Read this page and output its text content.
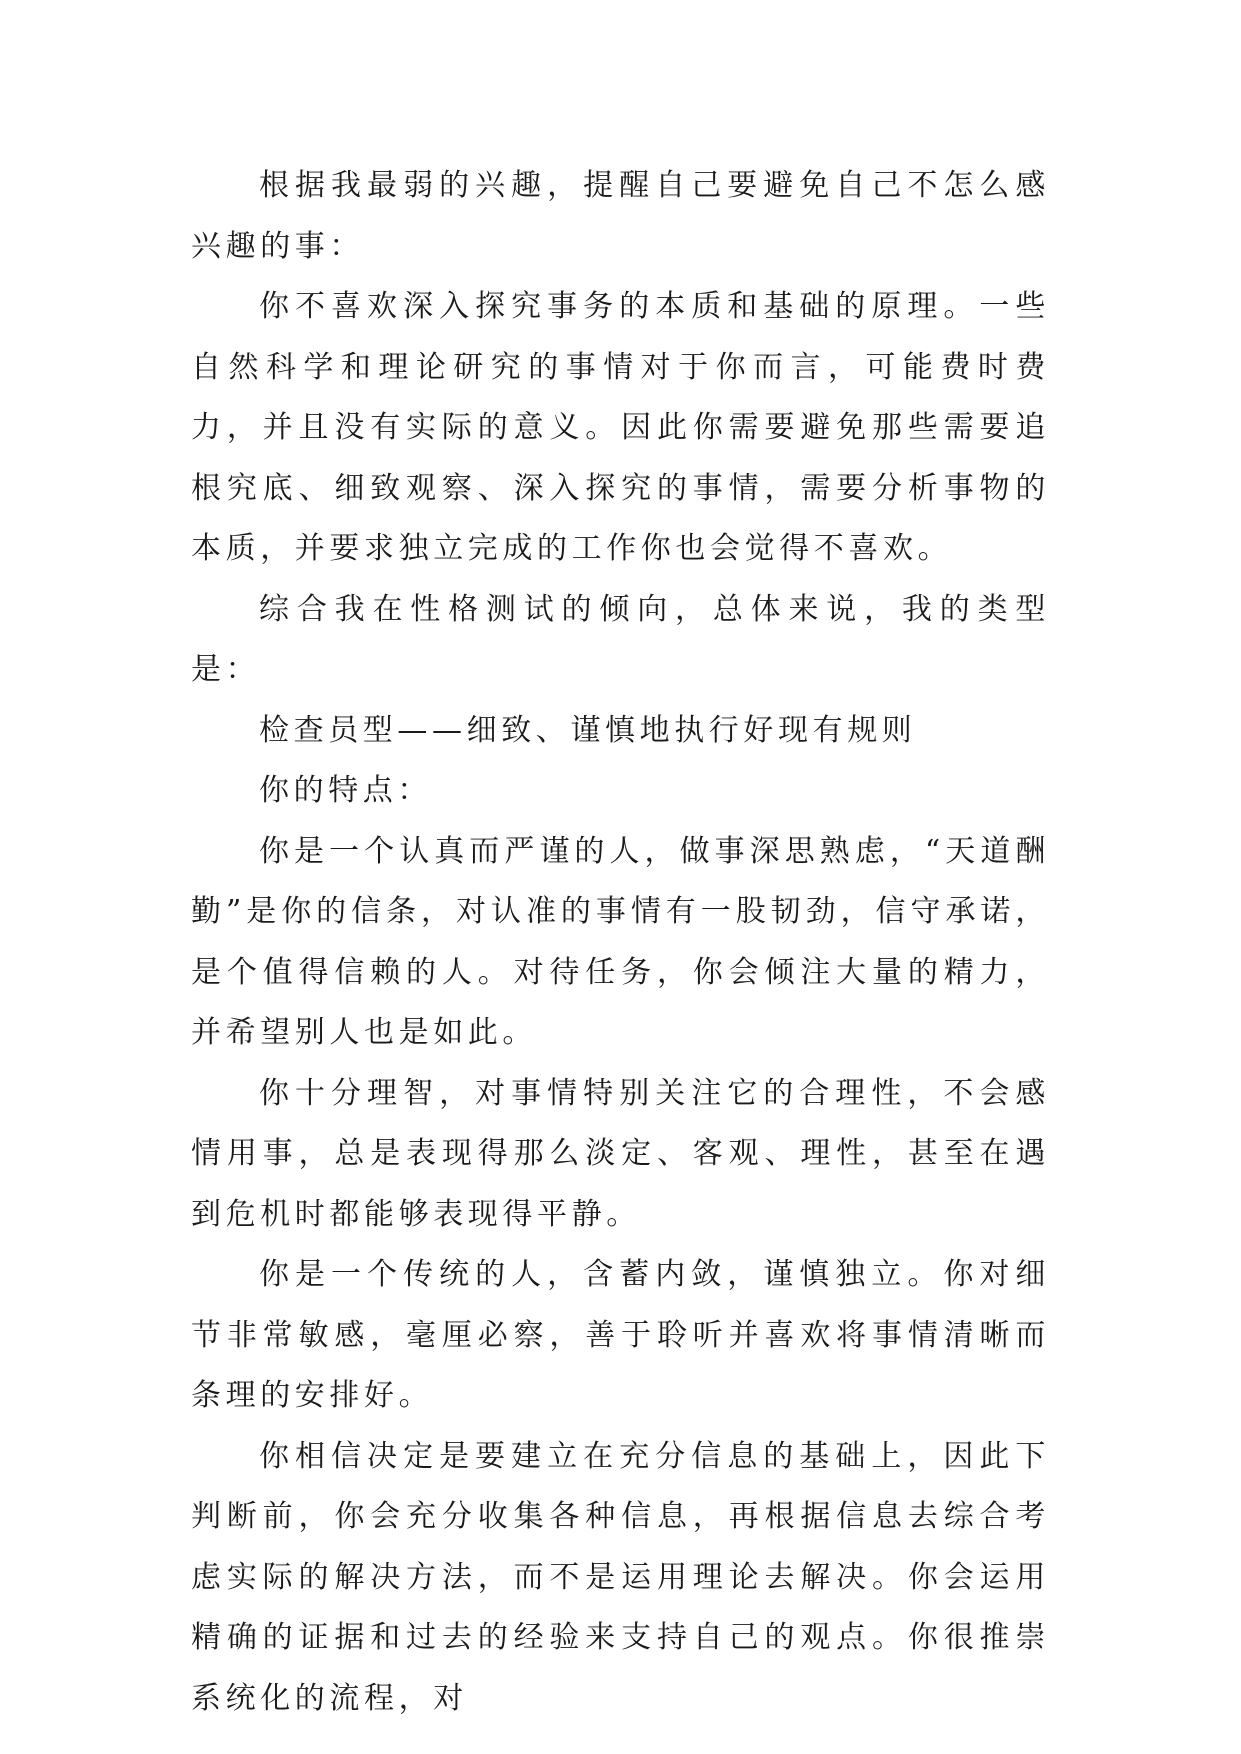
根据我最弱的兴趣，提醒自己要避免自己不怎么感兴趣的事：

你不喜欢深入探究事务的本质和基础的原理。一些自然科学和理论研究的事情对于你而言，可能费时费力，并且没有实际的意义。因此你需要避免那些需要追根究底、细致观察、深入探究的事情，需要分析事物的本质，并要求独立完成的工作你也会觉得不喜欢。

综合我在性格测试的倾向，总体来说，我的类型是：

检查员型——细致、谨慎地执行好现有规则

你的特点：

你是一个认真而严谨的人，做事深思熟虑，“天道酬勤”是你的信条，对认准的事情有一股韧劲，信守承诺，是个值得信赖的人。对待任务，你会倾注大量的精力，并希望别人也是如此。

你十分理智，对事情特别关注它的合理性，不会感情用事，总是表现得那么淡定、客观、理性，甚至在遇到危机时都能够表现得平静。

你是一个传统的人，含蓄内敛，谨慎独立。你对细节非常敏感，毫厘必察，善于聆听并喜欢将事情清晰而条理的安排好。

你相信决定是要建立在充分信息的基础上，因此下判断前，你会充分收集各种信息，再根据信息去综合考虑实际的解决方法，而不是运用理论去解决。你会运用精确的证据和过去的经验来支持自己的观点。你很推崇系统化的流程，对
